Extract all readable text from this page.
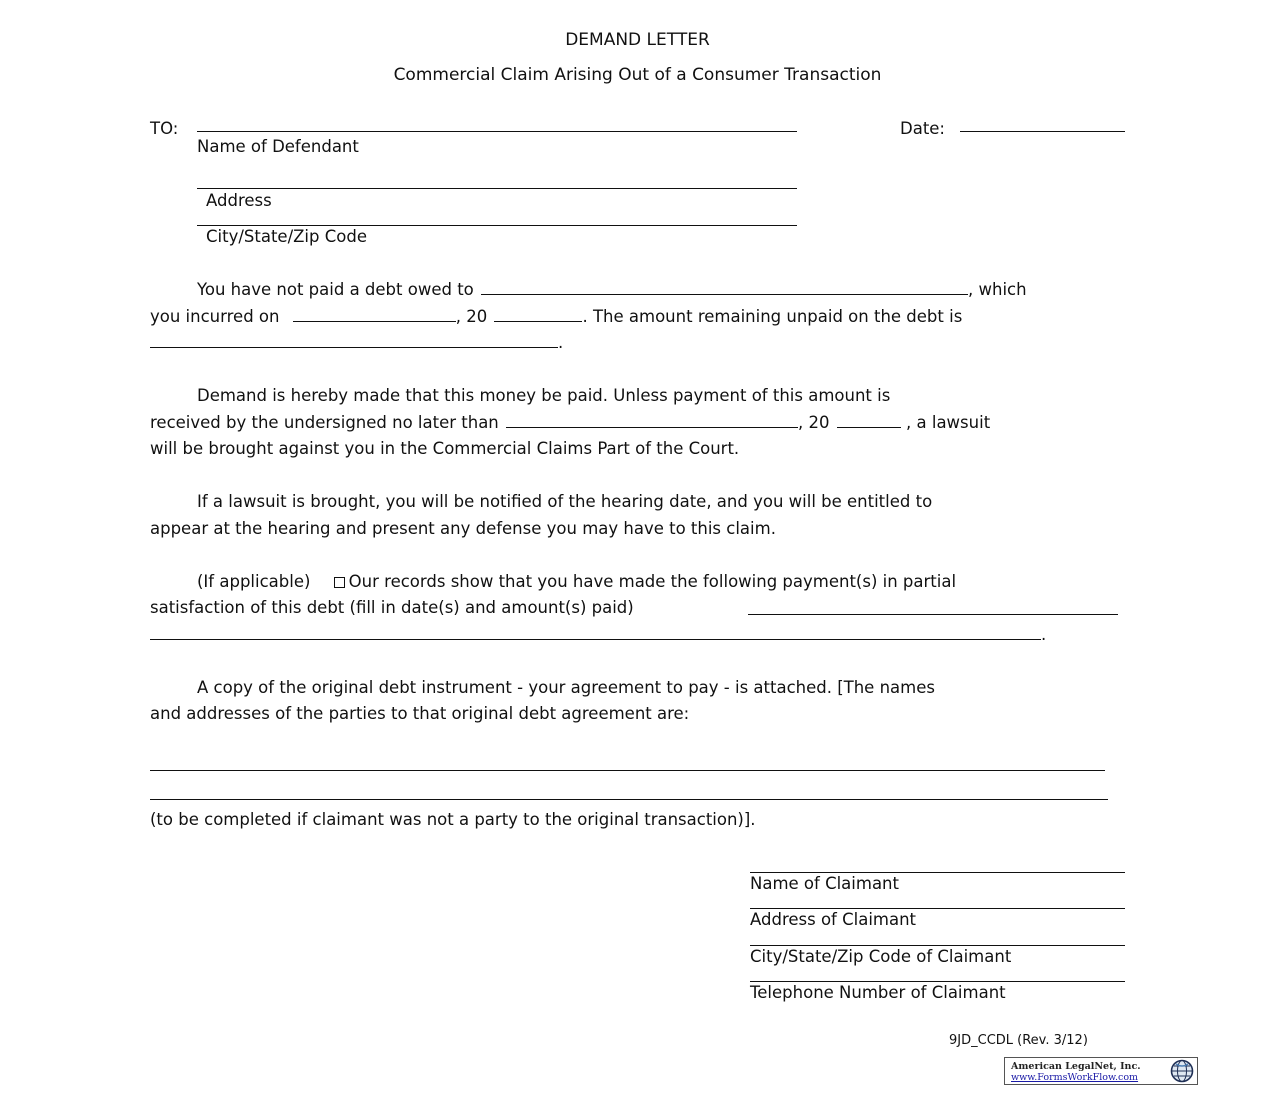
DEMAND LETTER
Commercial Claim Arising Out of a Consumer Transaction
TO:	Date:
Name of Defendant
Address
City/State/Zip Code
You have not paid a debt owed to	, which
you incurred on	, 20	. The amount remaining unpaid on the debt is
.
Demand is hereby made that this money be paid. Unless payment of this amount is
received by the undersigned no later than	, 20	, a lawsuit
will be brought against you in the Commercial Claims Part of the Court.
If a lawsuit is brought, you will be notified of the hearing date, and you will be entitled to
appear at the hearing and present any defense you may have to this claim.
(If applicable) Our records show that you have made the following payment(s) in partial
satisfaction of this debt (fill in date(s) and amount(s) paid)
.
A copy of the original debt instrument - your agreement to pay - is attached. [The names
and addresses of the parties to that original debt agreement are:
(to be completed if claimant was not a party to the original transaction)].
Name of Claimant
Address of Claimant
City/State/Zip Code of Claimant
Telephone Number of Claimant
9JD_CCDL (Rev. 3/12)
American LegalNet, Inc.
www.FormsWorkFlow.com
